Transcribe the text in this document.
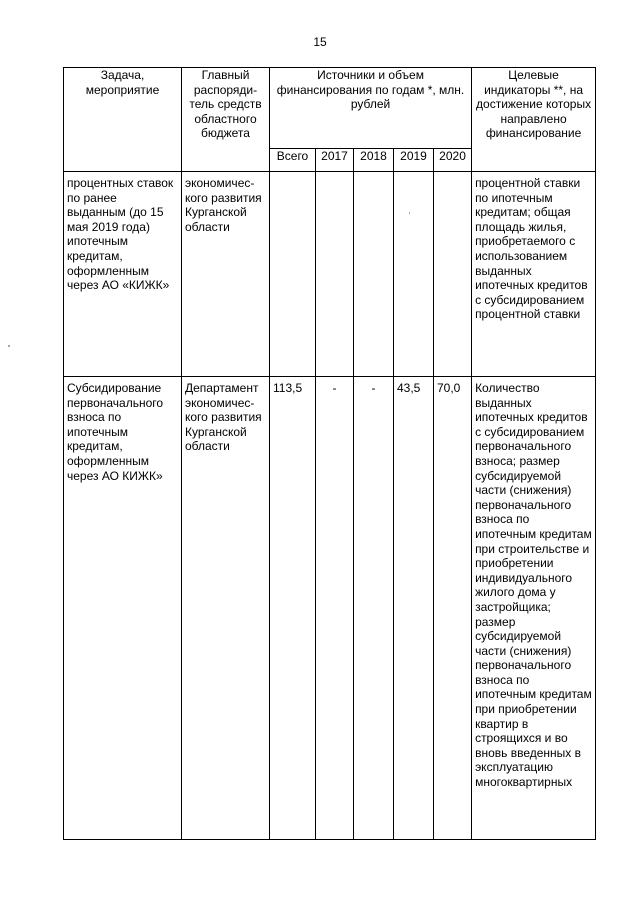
15
Задача, мероприятие	Главный распоряди-тель средств областного бюджета	Источники и объем финансирования по годам *, млн. рублей					Целевые индикаторы **, на достижение которых направлено финансирование
		Всего	2017	2018	2019	2020	
процентных ставок по ранее выданным (до 15 мая 2019 года) ипотечным кредитам, оформленным через АО «КИЖК»	экономичес-кого развития Курганской области						процентной ставки по ипотечным кредитам; общая площадь жилья, приобретаемого с использованием выданных ипотечных кредитов с субсидированием процентной ставки
Субсидирование первоначального взноса по ипотечным кредитам, оформленным через АО КИЖК»	Департамент экономичес-кого развития Курганской области	113,5	-	-	43,5	70,0	Количество выданных ипотечных кредитов с субсидированием первоначального взноса; размер субсидируемой части (снижения) первоначального взноса по ипотечным кредитам при строительстве и приобретении индивидуального жилого дома у застройщика; размер субсидируемой части (снижения) первоначального взноса по ипотечным кредитам при приобретении квартир в строящихся и во вновь введенных в эксплуатацию многоквартирных
